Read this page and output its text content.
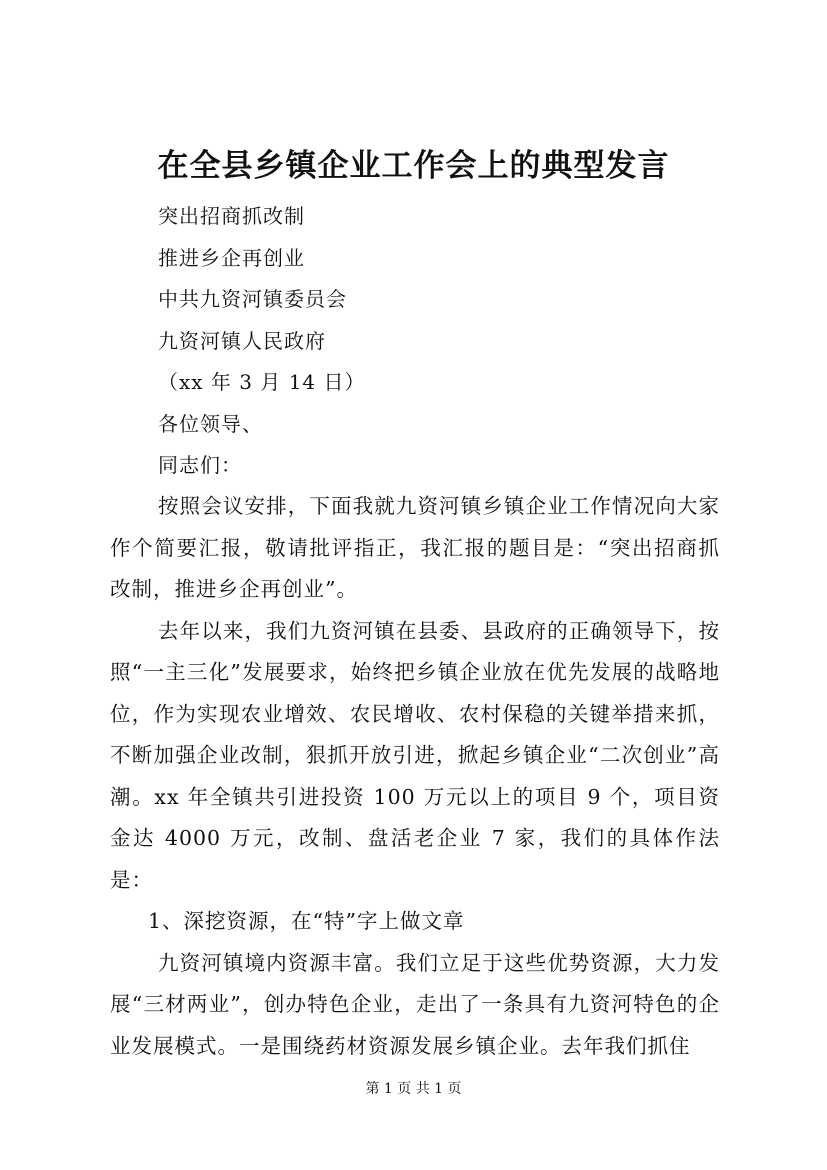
在全县乡镇企业工作会上的典型发言
突出招商抓改制
推进乡企再创业
中共九资河镇委员会
九资河镇人民政府
（xx 年 3 月 14 日）
各位领导、
同志们：

按照会议安排，下面我就九资河镇乡镇企业工作情况向大家作个简要汇报，敬请批评指正，我汇报的题目是：“突出招商抓改制，推进乡企再创业”。

去年以来，我们九资河镇在县委、县政府的正确领导下，按照“一主三化”发展要求，始终把乡镇企业放在优先发展的战略地位，作为实现农业增效、农民增收、农村保稳的关键举措来抓，不断加强企业改制，狠抓开放引进，掀起乡镇企业“二次创业”高潮。xx 年全镇共引进投资 100 万元以上的项目 9 个，项目资金达 4000 万元，改制、盘活老企业 7 家，我们的具体作法是：

1、深挖资源，在“特”字上做文章

九资河镇境内资源丰富。我们立足于这些优势资源，大力发展“三材两业”，创办特色企业，走出了一条具有九资河特色的企业发展模式。一是围绕药材资源发展乡镇企业。去年我们抓住

第 1 页 共 1 页
